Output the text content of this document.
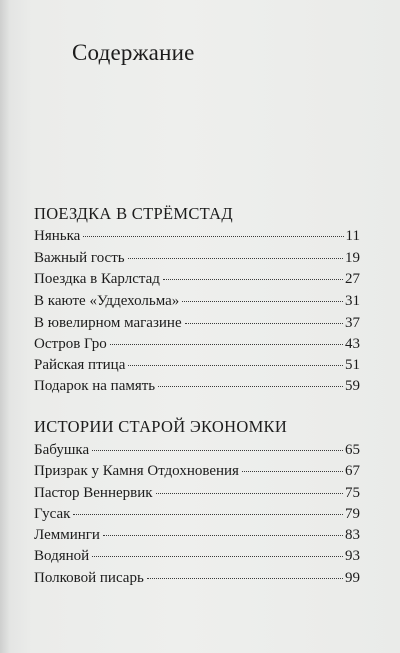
Содержание
ПОЕЗДКА В СТРЁМСТАД
Нянька	11
Важный гость	19
Поездка в Карлстад	27
В каюте «Уддехольма»	31
В ювелирном магазине	37
Остров Гро	43
Райская птица	51
Подарок на память	59
ИСТОРИИ СТАРОЙ ЭКОНОМКИ
Бабушка	65
Призрак у Камня Отдохновения	67
Пастор Веннервик	75
Гусак	79
Лемминги	83
Водяной	93
Полковой писарь	99
